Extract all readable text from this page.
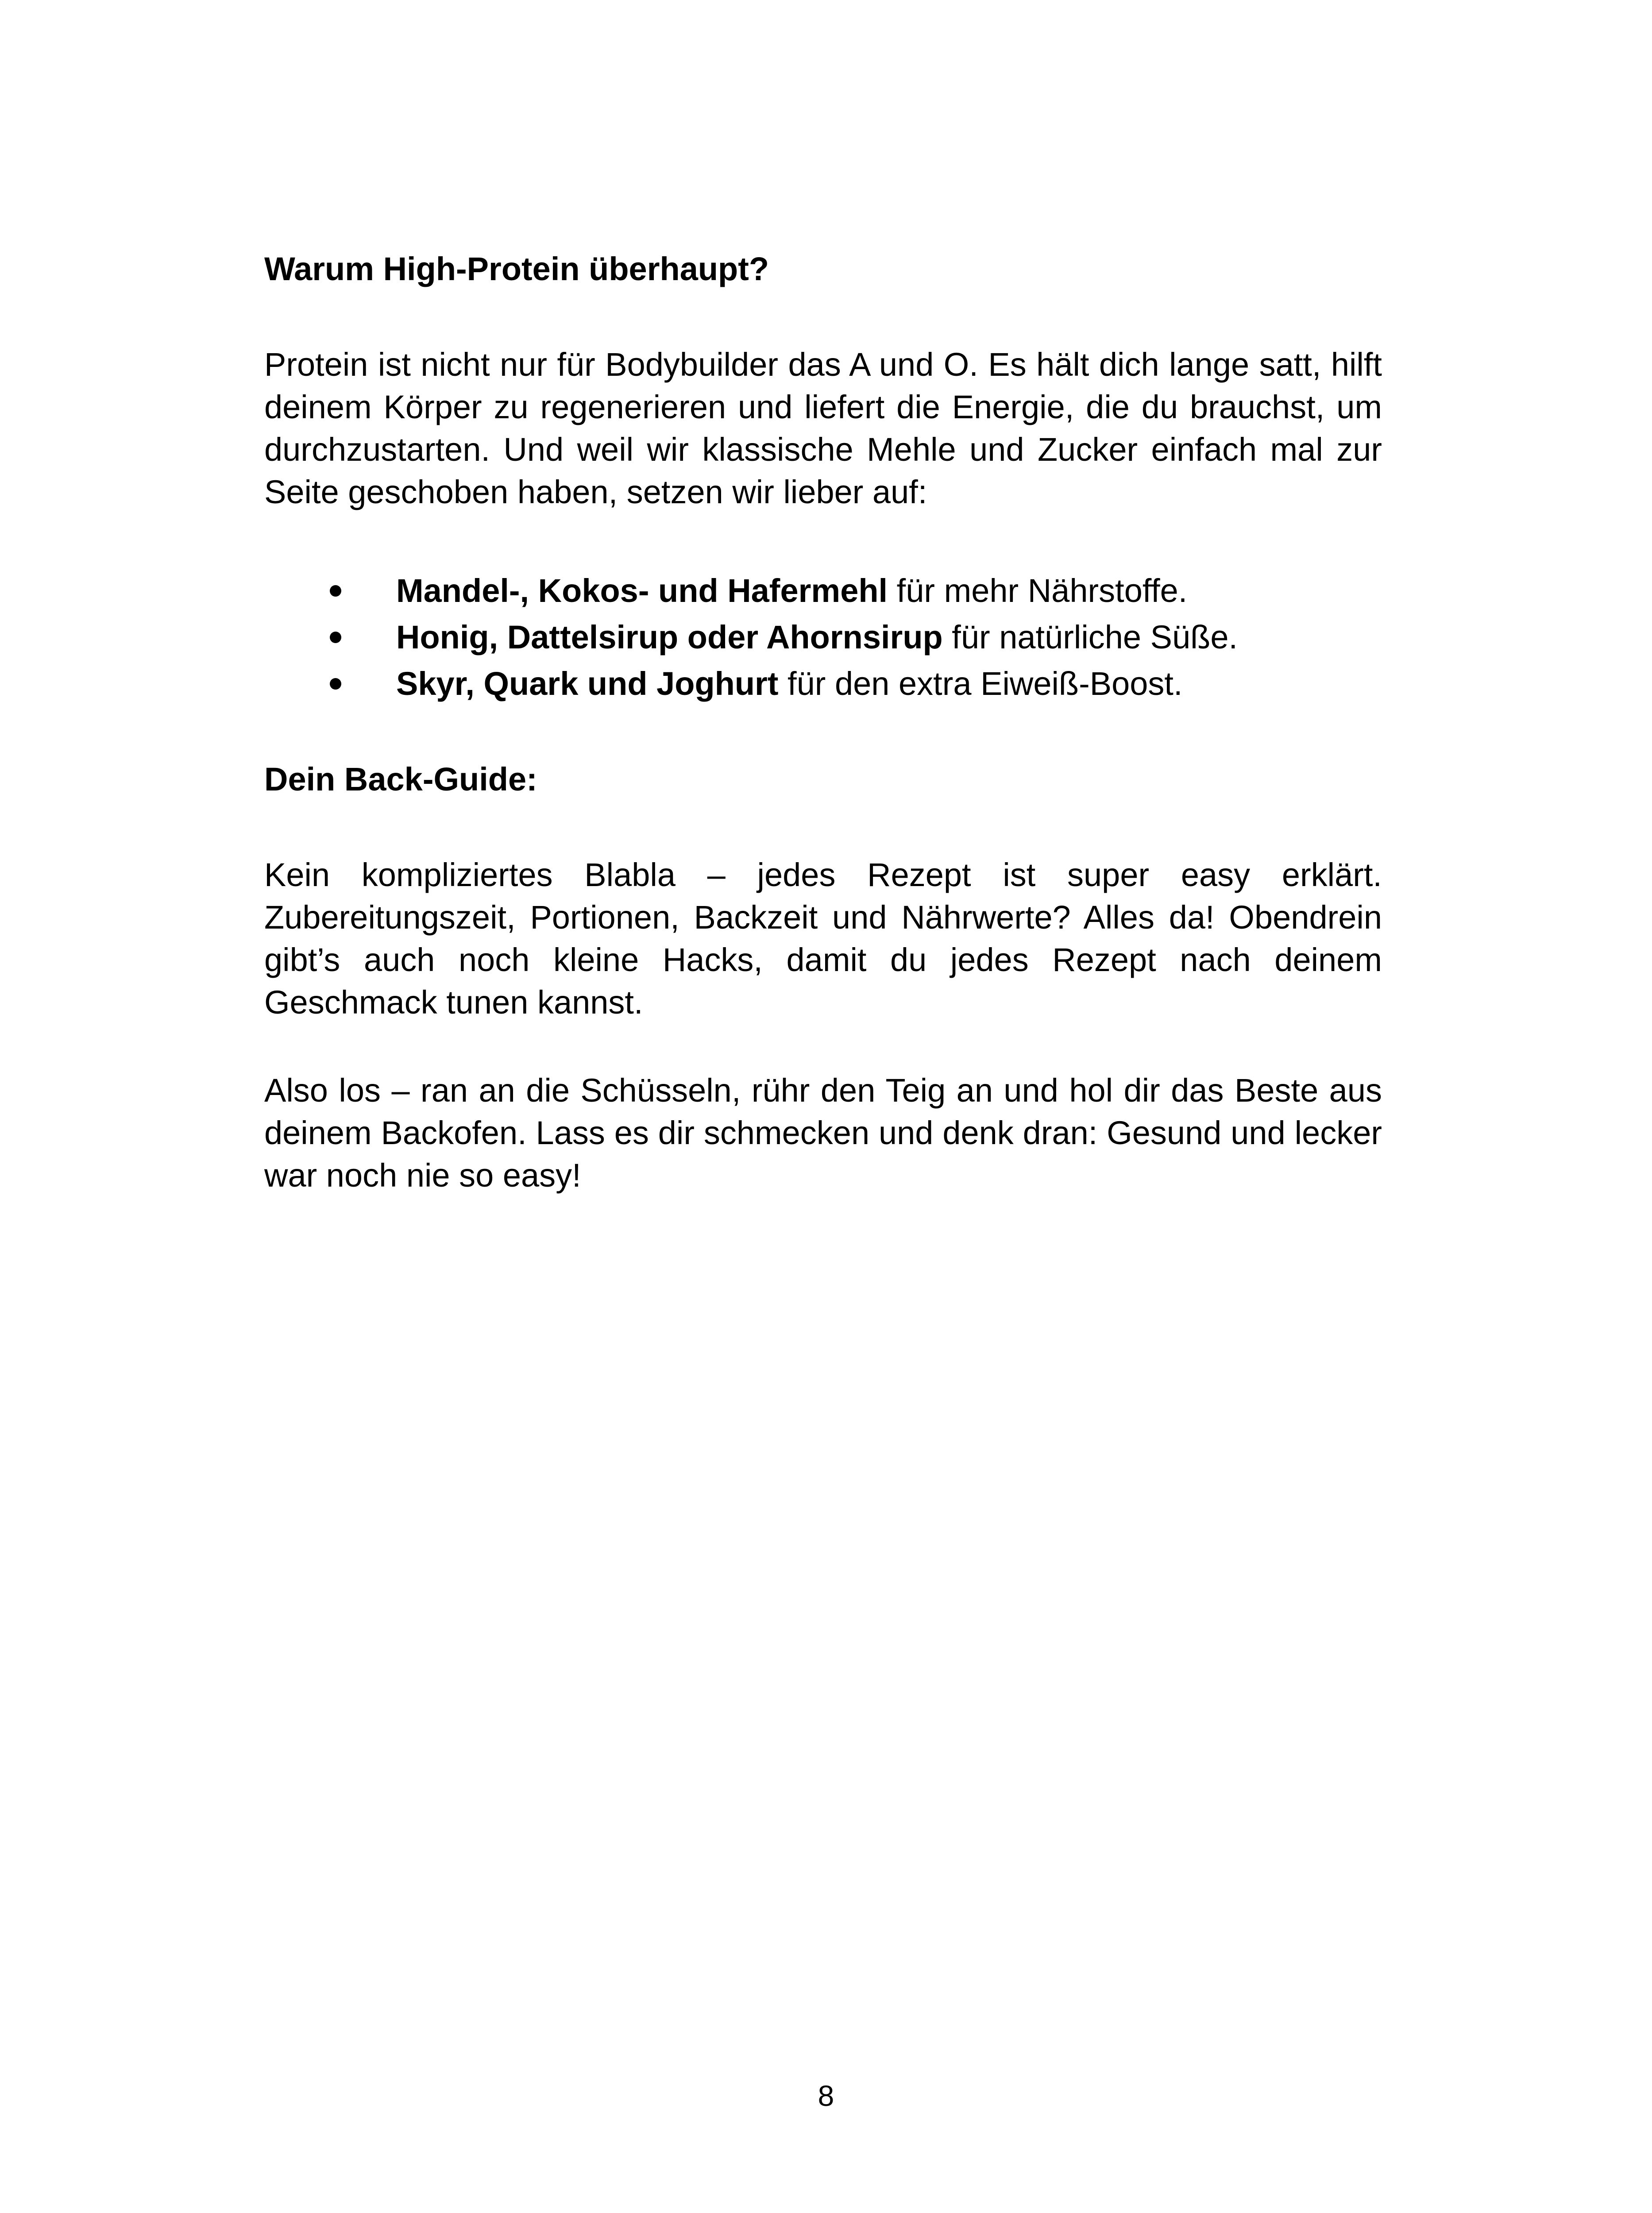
Warum High-Protein überhaupt?

Protein ist nicht nur für Bodybuilder das A und O. Es hält dich lange satt, hilft deinem Körper zu regenerieren und liefert die Energie, die du brauchst, um durchzustarten. Und weil wir klassische Mehle und Zucker einfach mal zur Seite geschoben haben, setzen wir lieber auf:

Mandel-, Kokos- und Hafermehl für mehr Nährstoffe.
Honig, Dattelsirup oder Ahornsirup für natürliche Süße.
Skyr, Quark und Joghurt für den extra Eiweiß-Boost.
Dein Back-Guide:

Kein kompliziertes Blabla – jedes Rezept ist super easy erklärt. Zubereitungszeit, Portionen, Backzeit und Nährwerte? Alles da! Obendrein gibt’s auch noch kleine Hacks, damit du jedes Rezept nach deinem Geschmack tunen kannst.

Also los – ran an die Schüsseln, rühr den Teig an und hol dir das Beste aus deinem Backofen. Lass es dir schmecken und denk dran: Gesund und lecker war noch nie so easy!

8
